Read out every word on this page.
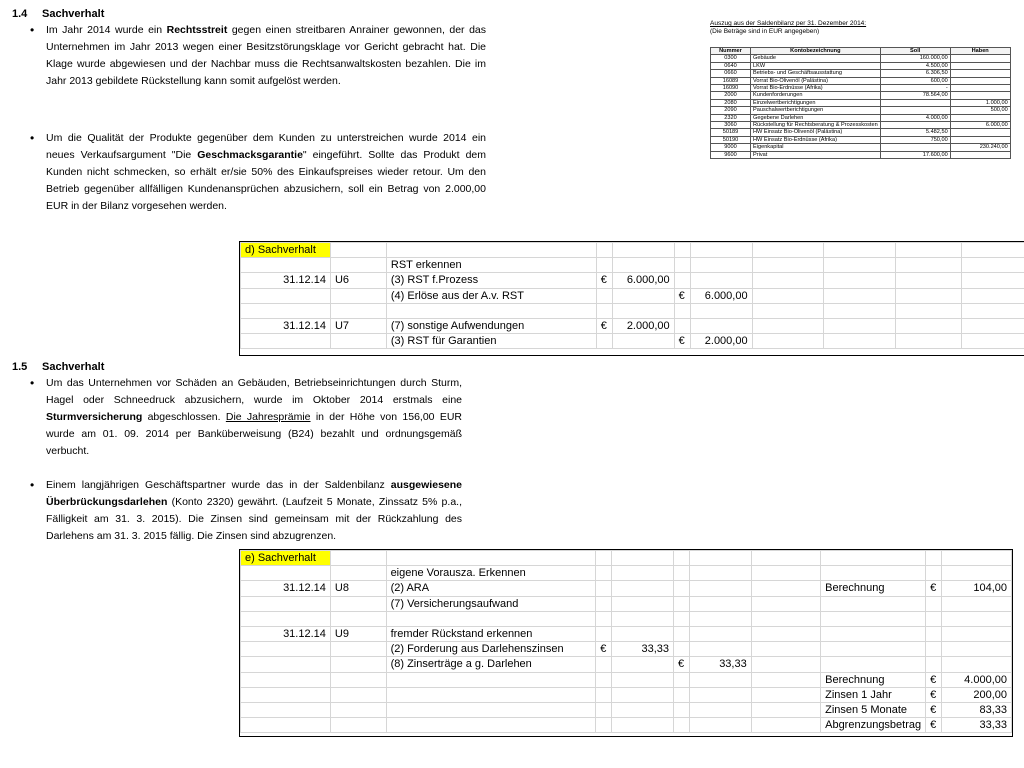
1.4 Sachverhalt
• Im Jahr 2014 wurde ein Rechtsstreit gegen einen streitbaren Anrainer gewonnen, der das Unternehmen im Jahr 2013 wegen einer Besitzstörungsklage vor Gericht gebracht hat. Die Klage wurde abgewiesen und der Nachbar muss die Rechtsanwaltskosten bezahlen. Die im Jahr 2013 gebildete Rückstellung kann somit aufgelöst werden.

• Um die Qualität der Produkte gegenüber dem Kunden zu unterstreichen wurde 2014 ein neues Verkaufsargument "Die Geschmacksgarantie" eingeführt. Sollte das Produkt dem Kunden nicht schmecken, so erhält er/sie 50% des Einkaufspreises wieder retour. Um den Betrieb gegenüber allfälligen Kundenansprüchen abzusichern, soll ein Betrag von 2.000,00 EUR in der Bilanz vorgesehen werden.

Auszug aus der Saldenbilanz per 31. Dezember 2014:
(Die Beträge sind in EUR angegeben)
Nummer	Kontobezeichnung	Soll	Haben
0300	Gebäude	160.000,00	
0640	LKW	4.500,00	
0660	Betriebs- und Geschäftsausstattung	6.306,50	
16089	Vorrat Bio-Olivenöl (Palästina)	600,00	
16090	Vorrat Bio-Erdnüsse (Afrika)	-	
2000	Kundenforderungen	78.564,00	
2080	Einzelwertberichtigungen		1.000,00
2090	Pauschalwertberichtigungen		500,00
2320	Gegebene Darlehen	4.000,00	
3060	Rückstellung für Rechtsberatung & Prozesskosten		6.000,00
50189	HW Einsatz Bio-Olivenöl (Palästina)	5.482,50	
50190	HW Einsatz Bio-Erdnüsse (Afrika)	750,00	
9000	Eigenkapital		230.240,00
9600	Privat	17.600,00	
d) Sachverhalt										
		RST erkennen								
31.12.14	U6	(3) RST f.Prozess	€	6.000,00						
		(4) Erlöse aus der A.v. RST			€	6.000,00				

31.12.14	U7	(7) sonstige Aufwendungen	€	2.000,00						
		(3) RST für Garantien			€	2.000,00				
1.5 Sachverhalt
• Um das Unternehmen vor Schäden an Gebäuden, Betriebseinrichtungen durch Sturm, Hagel oder Schneedruck abzusichern, wurde im Oktober 2014 erstmals eine Sturmversicherung abgeschlossen. Die Jahresprämie in der Höhe von 156,00 EUR wurde am 01. 09. 2014 per Banküberweisung (B24) bezahlt und ordnungsgemäß verbucht.

• Einem langjährigen Geschäftspartner wurde das in der Saldenbilanz ausgewiesene Überbrückungsdarlehen (Konto 2320) gewährt. (Laufzeit 5 Monate, Zinssatz 5% p.a., Fälligkeit am 31. 3. 2015). Die Zinsen sind gemeinsam mit der Rückzahlung des Darlehens am 31. 3. 2015 fällig. Die Zinsen sind abzugrenzen.

e) Sachverhalt										
		eigene Vorausza. Erkennen								
31.12.14	U8	(2) ARA						Berechnung	€	104,00
		(7) Versicherungsaufwand								

31.12.14	U9	fremder Rückstand erkennen								
		(2) Forderung aus Darlehenszinsen	€	33,33						
		(8) Zinserträge a g. Darlehen			€	33,33				
								Berechnung	€	4.000,00
								Zinsen 1 Jahr	€	200,00
								Zinsen 5 Monate	€	83,33
								Abgrenzungsbetrag	€	33,33
